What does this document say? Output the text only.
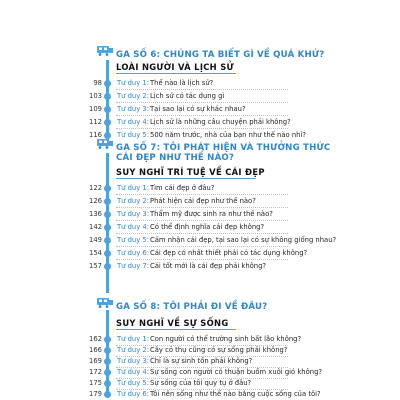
GA SỐ 6: CHÚNG TA BIẾT GÌ VỀ QUÁ KHỨ?
LOÀI NGƯỜI VÀ LỊCH SỬ
GA SỐ 7: TÔI PHÁT HIỆN VÀ THƯỞNG THỨC
CÁI ĐẸP NHƯ THẾ NÀO?
SUY NGHĨ TRÍ TUỆ VỀ CÁI ĐẸP
GA SỐ 8: TÔI PHẢI ĐI VỀ ĐÂU?
SUY NGHĨ VỀ SỰ SỐNG
98 Tư duy 1: Thế nào là lịch sử?
103 Tư duy 2: Lịch sử có tác dụng gì
109 Tư duy 3: Tại sao lại có sự khác nhau?
112 Tư duy 4: Lịch sử là những câu chuyện phải không?
116 Tư duy 5: 500 năm trước, nhà của bạn như thế nào nhỉ?
122 Tư duy 1: Tìm cái đẹp ở đâu?
126 Tư duy 2: Phát hiện cái đẹp như thế nào?
136 Tư duy 3: Thẩm mỹ được sinh ra như thế nào?
142 Tư duy 4: Có thể định nghĩa cái đẹp không?
149 Tư duy 5: Cảm nhận cái đẹp, tại sao lại có sự không giống nhau?
154 Tư duy 6: Cái đẹp có nhất thiết phải có tác dụng không?
157 Tư duy 7: Cái tốt mới là cái đẹp phải không?
162 Tư duy 1: Con người có thể trường sinh bất lão không?
166 Tư duy 2: Cây cỏ thụ cũng có sự sống phải không?
169 Tư duy 3: Chỉ là sự sinh tồn phải không?
172 Tư duy 4: Sự sống con người có thuận buồm xuôi gió không?
175 Tư duy 5: Sự sống của tôi quy tụ ở đâu?
179 Tư duy 6: Tôi nên sống như thế nào bằng cuộc sống của tôi?
